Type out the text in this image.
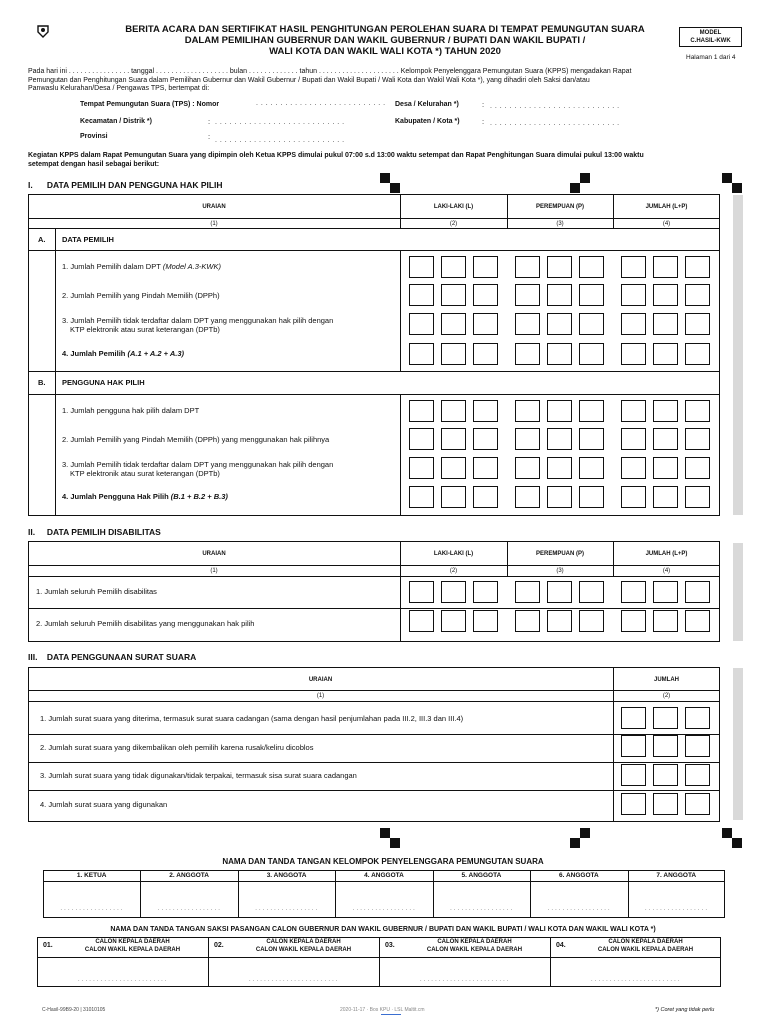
BERITA ACARA DAN SERTIFIKAT HASIL PENGHITUNGAN PEROLEHAN SUARA DI TEMPAT PEMUNGUTAN SUARA
DALAM PEMILIHAN GUBERNUR DAN WAKIL GUBERNUR / BUPATI DAN WAKIL BUPATI /
WALI KOTA DAN WAKIL WALI KOTA *) TAHUN 2020
MODEL
C.HASIL-KWK
Halaman 1 dari 4
Pada hari ini . . . . . . . . . . . . . . . . tanggal . . . . . . . . . . . . . . . . . . . bulan . . . . . . . . . . . . . tahun . . . . . . . . . . . . . . . . . . . . . Kelompok Penyelenggara Pemungutan Suara (KPPS) mengadakan Rapat
Pemungutan dan Penghitungan Suara dalam Pemilihan Gubernur dan Wakil Gubernur / Bupati dan Wakil Bupati / Wali Kota dan Wakil Wali Kota *), yang dihadiri oleh Saksi dan/atau
Panwaslu Kelurahan/Desa / Pengawas TPS, bertempat di:
Tempat Pemungutan Suara (TPS) : Nomor	. . . . . . . . . . . . . . . . . . . . . . . . . . .
Kecamatan / Distrik *)	: . . . . . . . . . . . . . . . . . . . . . . . . . . .
Provinsi	: . . . . . . . . . . . . . . . . . . . . . . . . . . .
Desa / Kelurahan *)	: . . . . . . . . . . . . . . . . . . . . . . . . . . .
Kabupaten / Kota *)	: . . . . . . . . . . . . . . . . . . . . . . . . . . .
Kegiatan KPPS dalam Rapat Pemungutan Suara yang dipimpin oleh Ketua KPPS dimulai pukul 07:00 s.d 13:00 waktu setempat dan Rapat Penghitungan Suara dimulai pukul 13:00 waktu
setempat dengan hasil sebagai berikut:
I.      DATA PEMILIH DAN PENGGUNA HAK PILIH
URAIAN	LAKI-LAKI (L)	PEREMPUAN (P)	JUMLAH (L+P)
(1)	(2)	(3)	(4)
A. DATA PEMILIH
1. Jumlah Pemilih dalam DPT (Model A.3-KWK)
2. Jumlah Pemilih yang Pindah Memilih (DPPh)
3. Jumlah Pemilih tidak terdaftar dalam DPT yang menggunakan hak pilih dengan
KTP elektronik atau surat keterangan (DPTb)
4. Jumlah Pemilih (A.1 + A.2 + A.3)
B. PENGGUNA HAK PILIH
1. Jumlah pengguna hak pilih dalam DPT
2. Jumlah Pemilih yang Pindah Memilih (DPPh) yang menggunakan hak pilihnya
3. Jumlah Pemilih tidak terdaftar dalam DPT yang menggunakan hak pilih dengan
KTP elektronik atau surat keterangan (DPTb)
4. Jumlah Pengguna Hak Pilih (B.1 + B.2 + B.3)
II.     DATA PEMILIH DISABILITAS
URAIAN	LAKI-LAKI (L)	PEREMPUAN (P)	JUMLAH (L+P)
(1)	(2)	(3)	(4)
1. Jumlah seluruh Pemilih disabilitas
2. Jumlah seluruh Pemilih disabilitas yang menggunakan hak pilih
III.    DATA PENGGUNAAN SURAT SUARA
URAIAN	JUMLAH
(1)	(2)
1. Jumlah surat suara yang diterima, termasuk surat suara cadangan (sama dengan hasil penjumlahan pada III.2, III.3 dan III.4)
2. Jumlah surat suara yang dikembalikan oleh pemilih karena rusak/keliru dicoblos
3. Jumlah surat suara yang tidak digunakan/tidak terpakai, termasuk sisa surat suara cadangan
4. Jumlah surat suara yang digunakan
NAMA DAN TANDA TANGAN KELOMPOK PENYELENGGARA PEMUNGUTAN SUARA
1. KETUA
. . . . . . . . . . . . . . . . .
2. ANGGOTA
. . . . . . . . . . . . . . . . .
3. ANGGOTA
. . . . . . . . . . . . . . . . .
4. ANGGOTA
. . . . . . . . . . . . . . . . .
5. ANGGOTA
. . . . . . . . . . . . . . . . .
6. ANGGOTA
. . . . . . . . . . . . . . . . .
7. ANGGOTA
. . . . . . . . . . . . . . . . .
NAMA DAN TANDA TANGAN SAKSI PASANGAN CALON GUBERNUR DAN WAKIL GUBERNUR / BUPATI DAN WAKIL BUPATI / WALI KOTA DAN WAKIL WALI KOTA *)
01.	CALON KEPALA DAERAH
CALON WAKIL KEPALA DAERAH
. . . . . . . . . . . . . . . . . . . . . . . .
02.	CALON KEPALA DAERAH
CALON WAKIL KEPALA DAERAH
. . . . . . . . . . . . . . . . . . . . . . . .
03.	CALON KEPALA DAERAH
CALON WAKIL KEPALA DAERAH
. . . . . . . . . . . . . . . . . . . . . . . .
04.	CALON KEPALA DAERAH
CALON WAKIL KEPALA DAERAH
. . . . . . . . . . . . . . . . . . . . . . . .
C-Hasil-99B9-20 | 31010105	2020-11-17 · Bos KPU · LSL Maltit.cm	*) Coret yang tidak perlu
